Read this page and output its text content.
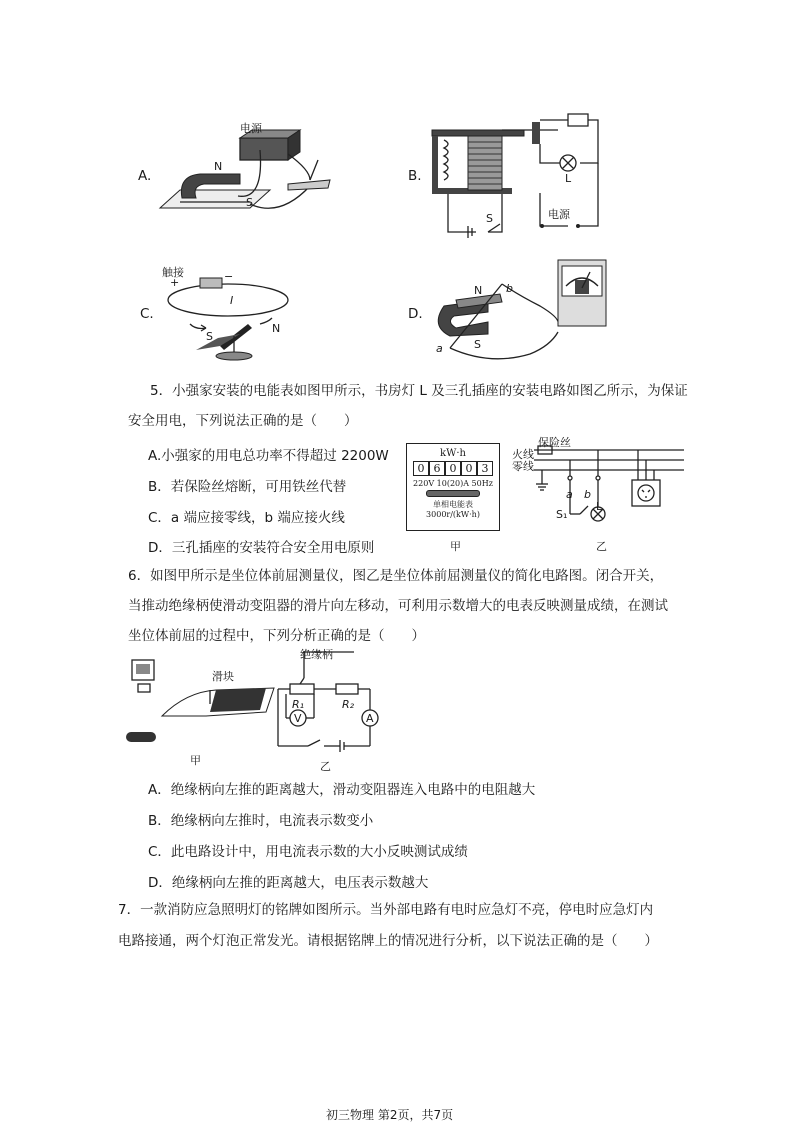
A.
电源
N
S
B.	L
S	电源
C.
触接
+	−
I
S
N
D.
N b
a	S
5．小强家安装的电能表如图甲所示，书房灯 L 及三孔插座的安装电路如图乙所示，为保证
安全用电，下列说法正确的是（　　）
A.小强家的用电总功率不得超过 2200W
B．若保险丝熔断，可用铁丝代替
C．a 端应接零线，b 端应接火线
D．三孔插座的安装符合安全用电原则
kW·h
0 6 0 0 3
220V 10(20)A 50Hz
单相电能表
3000r/(kW·h)
甲
火线
保险丝
零线
a b
S₁
L
乙
6．如图甲所示是坐位体前屈测量仪，图乙是坐位体前屈测量仪的简化电路图。闭合开关，
当推动绝缘柄使滑动变阻器的滑片向左移动，可利用示数增大的电表反映测量成绩，在测试
坐位体前屈的过程中，下列分析正确的是（　　）
滑块
甲
绝缘柄
R₁	R₂
V	A
乙
A．绝缘柄向左推的距离越大，滑动变阻器连入电路中的电阻越大
B．绝缘柄向左推时，电流表示数变小
C．此电路设计中，用电流表示数的大小反映测试成绩
D．绝缘柄向左推的距离越大，电压表示数越大
7．一款消防应急照明灯的铭牌如图所示。当外部电路有电时应急灯不亮，停电时应急灯内
电路接通，两个灯泡正常发光。请根据铭牌上的情况进行分析，以下说法正确的是（　　）
初三物理 第2页，共7页
